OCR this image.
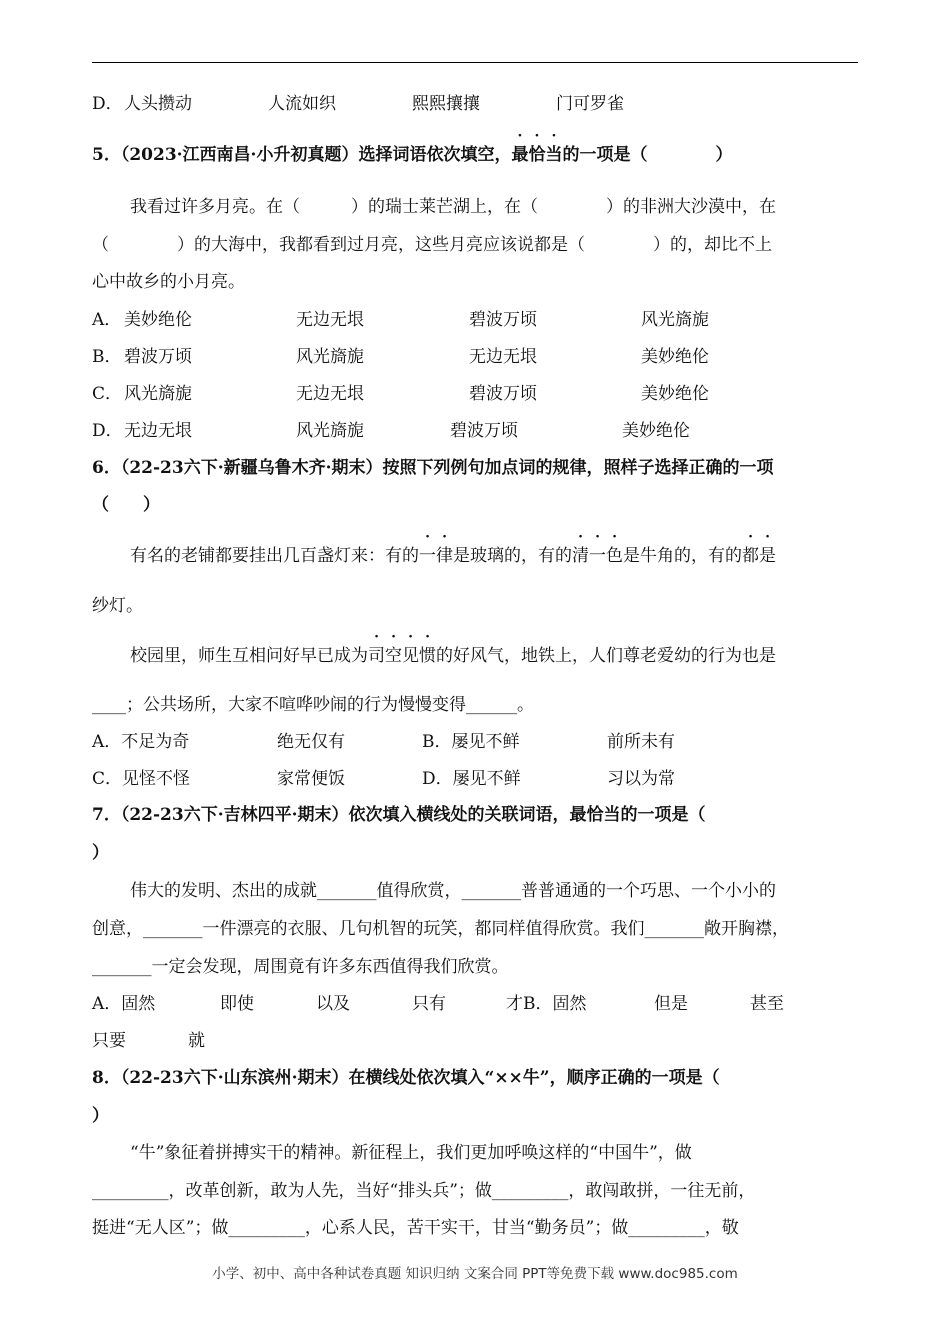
D． 人头攒动	人流如织	熙熙攘攘	门可罗雀
5．（2023·江西南昌·小升初真题）选择词语依次填空，最恰当的一项是（　　　　）
我看过许多月亮。在（　　　）的瑞士莱芒湖上，在（　　　　）的非洲大沙漠中，在
（　　　　）的大海中，我都看到过月亮，这些月亮应该说都是（　　　　）的，却比不上
心中故乡的小月亮。
A． 美妙绝伦	无边无垠	碧波万顷	风光旖旎
B． 碧波万顷	风光旖旎	无边无垠	美妙绝伦
C． 风光旖旎	无边无垠	碧波万顷	美妙绝伦
D． 无边无垠	风光旖旎	碧波万顷	美妙绝伦
6．（22-23六下·新疆乌鲁木齐·期末）按照下列例句加点词的规律，照样子选择正确的一项
（　　）
有名的老铺都要挂出几百盏灯来：有的一律是玻璃的，有的清一色是牛角的，有的都是
纱灯。
校园里，师生互相问好早已成为司空见惯的好风气，地铁上，人们尊老爱幼的行为也是
____；公共场所，大家不喧哗吵闹的行为慢慢变得______。
A．不足为奇	绝无仅有	B．屡见不鲜	前所未有
C．见怪不怪	家常便饭	D．屡见不鲜	习以为常
7．（22-23六下·吉林四平·期末）依次填入横线处的关联词语，最恰当的一项是（
）
伟大的发明、杰出的成就_______值得欣赏，_______普普通通的一个巧思、一个小小的
创意，_______一件漂亮的衣服、几句机智的玩笑，都同样值得欣赏。我们_______敞开胸襟，
_______一定会发现，周围竟有许多东西值得我们欣赏。
A．固然	即使	以及	只有	才B．固然	但是	甚至
只要	就
8．（22-23六下·山东滨州·期末）在横线处依次填入“××牛”，顺序正确的一项是（
）
“牛”象征着拼搏实干的精神。新征程上，我们更加呼唤这样的“中国牛”，做
_________，改革创新，敢为人先，当好“排头兵”；做_________，敢闯敢拼，一往无前，
挺进“无人区”；做_________，心系人民，苦干实干，甘当“勤务员”；做_________，敬
小学、初中、高中各种试卷真题 知识归纳 文案合同 PPT等免费下载 www.doc985.com
